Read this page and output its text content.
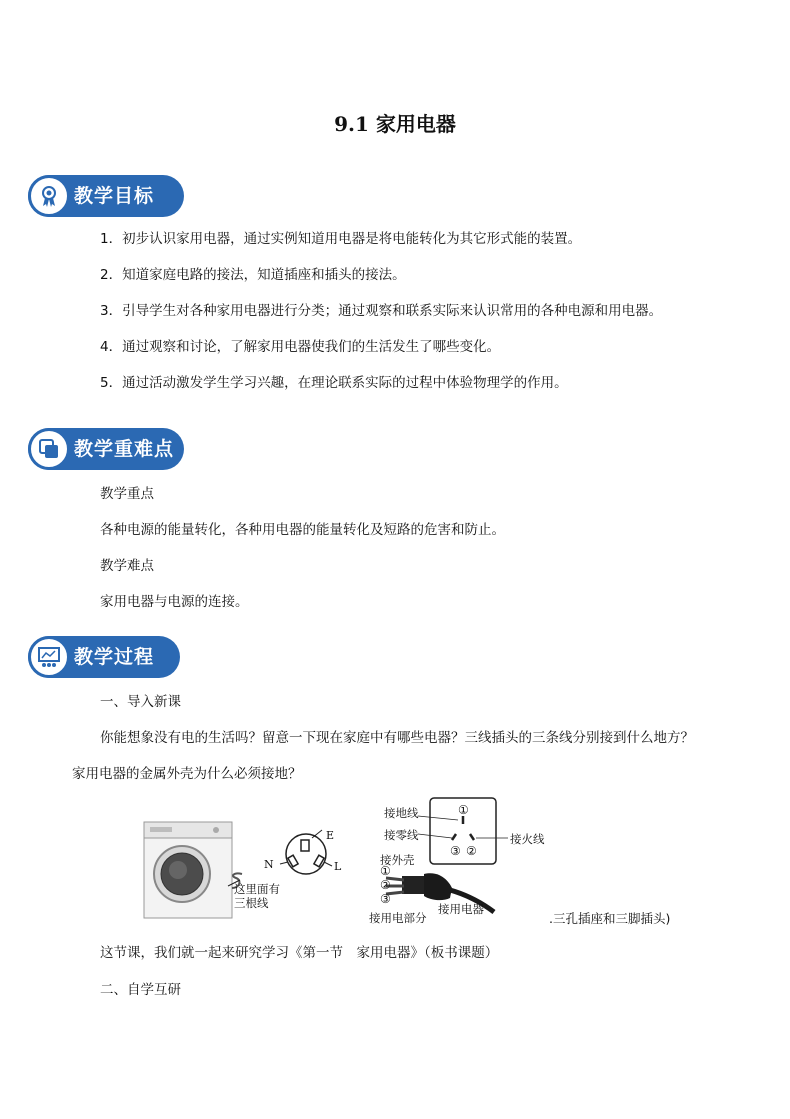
9.1 家用电器
教学目标
1．初步认识家用电器，通过实例知道用电器是将电能转化为其它形式能的装置。
2．知道家庭电路的接法，知道插座和插头的接法。
3．引导学生对各种家用电器进行分类；通过观察和联系实际来认识常用的各种电源和用电器。
4．通过观察和讨论，了解家用电器使我们的生活发生了哪些变化。
5．通过活动激发学生学习兴趣，在理论联系实际的过程中体验物理学的作用。
教学重难点
教学重点
各种电源的能量转化，各种用电器的能量转化及短路的危害和防止。
教学难点
家用电器与电源的连接。
教学过程
一、导入新课
你能想象没有电的生活吗？留意一下现在家庭中有哪些电器？三线插头的三条线分别接到什么地方？
家用电器的金属外壳为什么必须接地？
E
L
N
这里面有
三根线
接地线
接零线	接火线
①
③ ②
接外壳
①
②
③
接用电部分
接用电器
.三孔插座和三脚插头)
这节课，我们就一起来研究学习《第一节　家用电器》（板书课题）
二、自学互研
